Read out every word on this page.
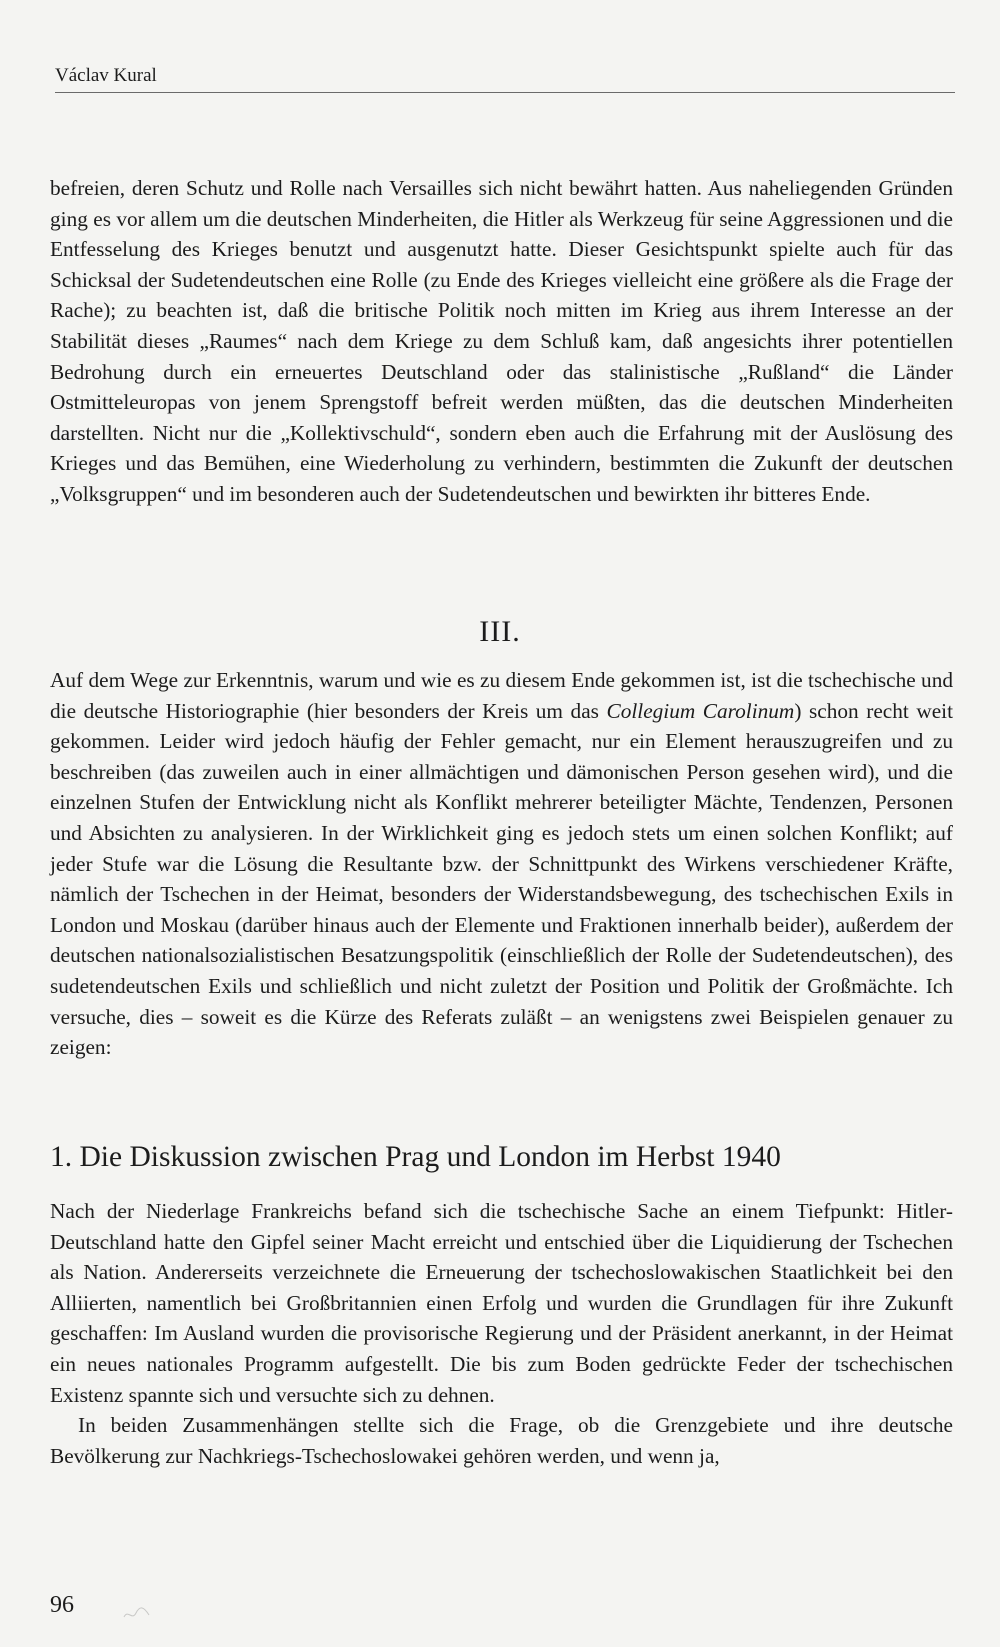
Václav Kural

befreien, deren Schutz und Rolle nach Versailles sich nicht bewährt hatten. Aus naheliegenden Gründen ging es vor allem um die deutschen Minderheiten, die Hitler als Werkzeug für seine Aggressionen und die Entfesselung des Krieges benutzt und ausgenutzt hatte. Dieser Gesichtspunkt spielte auch für das Schicksal der Sudetendeutschen eine Rolle (zu Ende des Krieges vielleicht eine größere als die Frage der Rache); zu beachten ist, daß die britische Politik noch mitten im Krieg aus ihrem Interesse an der Stabilität dieses „Raumes“ nach dem Kriege zu dem Schluß kam, daß angesichts ihrer potentiellen Bedrohung durch ein erneuertes Deutschland oder das stalinistische „Rußland“ die Länder Ostmitteleuropas von jenem Sprengstoff befreit werden müßten, das die deutschen Minderheiten darstellten. Nicht nur die „Kollektivschuld“, sondern eben auch die Erfahrung mit der Auslösung des Krieges und das Bemühen, eine Wiederholung zu verhindern, bestimmten die Zukunft der deutschen „Volksgruppen“ und im besonderen auch der Sudetendeutschen und bewirkten ihr bitteres Ende.

III.

Auf dem Wege zur Erkenntnis, warum und wie es zu diesem Ende gekommen ist, ist die tschechische und die deutsche Historiographie (hier besonders der Kreis um das Collegium Carolinum) schon recht weit gekommen. Leider wird jedoch häufig der Fehler gemacht, nur ein Element herauszugreifen und zu beschreiben (das zuweilen auch in einer allmächtigen und dämonischen Person gesehen wird), und die einzelnen Stufen der Entwicklung nicht als Konflikt mehrerer beteiligter Mächte, Tendenzen, Personen und Absichten zu analysieren. In der Wirklichkeit ging es jedoch stets um einen solchen Konflikt; auf jeder Stufe war die Lösung die Resultante bzw. der Schnittpunkt des Wirkens verschiedener Kräfte, nämlich der Tschechen in der Heimat, besonders der Widerstandsbewegung, des tschechischen Exils in London und Moskau (darüber hinaus auch der Elemente und Fraktionen innerhalb beider), außerdem der deutschen nationalsozialistischen Besatzungspolitik (einschließlich der Rolle der Sudetendeutschen), des sudetendeutschen Exils und schließlich und nicht zuletzt der Position und Politik der Großmächte. Ich versuche, dies – soweit es die Kürze des Referats zuläßt – an wenigstens zwei Beispielen genauer zu zeigen:

1. Die Diskussion zwischen Prag und London im Herbst 1940

Nach der Niederlage Frankreichs befand sich die tschechische Sache an einem Tiefpunkt: Hitler-Deutschland hatte den Gipfel seiner Macht erreicht und entschied über die Liquidierung der Tschechen als Nation. Andererseits verzeichnete die Erneuerung der tschechoslowakischen Staatlichkeit bei den Alliierten, namentlich bei Großbritannien einen Erfolg und wurden die Grundlagen für ihre Zukunft geschaffen: Im Ausland wurden die provisorische Regierung und der Präsident anerkannt, in der Heimat ein neues nationales Programm aufgestellt. Die bis zum Boden gedrückte Feder der tschechischen Existenz spannte sich und versuchte sich zu dehnen.

In beiden Zusammenhängen stellte sich die Frage, ob die Grenzgebiete und ihre deutsche Bevölkerung zur Nachkriegs-Tschechoslowakei gehören werden, und wenn ja,

96
